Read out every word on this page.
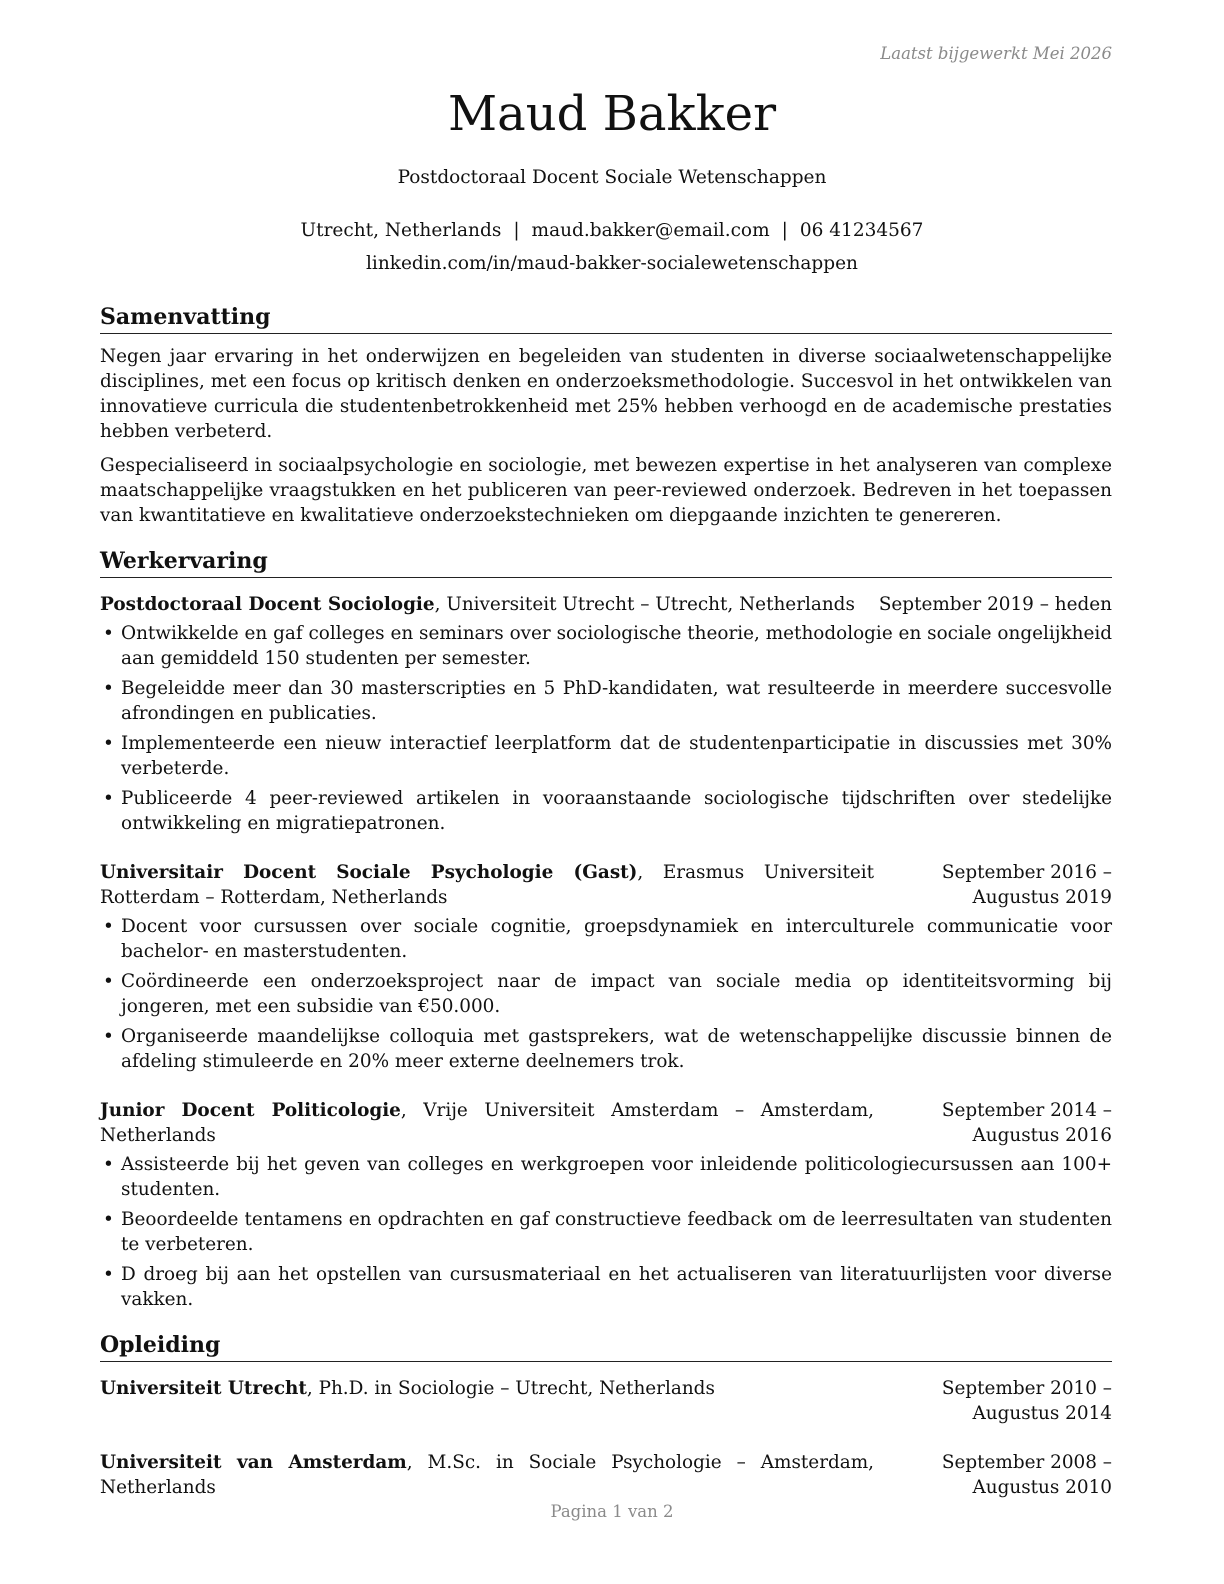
Laatst bijgewerkt Mei 2026
Maud Bakker
Postdoctoraal Docent Sociale Wetenschappen
Utrecht, Netherlands | maud.bakker@email.com | 06 41234567
linkedin.com/in/maud-bakker-socialewetenschappen
Samenvatting

Negen jaar ervaring in het onderwijzen en begeleiden van studenten in diverse sociaalwetenschappelijke disciplines, met een focus op kritisch denken en onderzoeksmethodologie. Succesvol in het ontwikkelen van innovatieve curricula die studentenbetrokkenheid met 25% hebben verhoogd en de academische prestaties hebben verbeterd.

Gespecialiseerd in sociaalpsychologie en sociologie, met bewezen expertise in het analyseren van complexe maatschappelijke vraagstukken en het publiceren van peer-reviewed onderzoek. Bedreven in het toepassen van kwantitatieve en kwalitatieve onderzoekstechnieken om diepgaande inzichten te genereren.

Werkervaring
Postdoctoraal Docent Sociologie, Universiteit Utrecht – Utrecht, Netherlands	September 2019 – heden
• Ontwikkelde en gaf colleges en seminars over sociologische theorie, methodologie en sociale ongelijkheid aan gemiddeld 150 studenten per semester.
• Begeleidde meer dan 30 masterscripties en 5 PhD-kandidaten, wat resulteerde in meerdere succesvolle afrondingen en publicaties.
• Implementeerde een nieuw interactief leerplatform dat de studentenparticipatie in discussies met 30% verbeterde.
• Publiceerde 4 peer-reviewed artikelen in vooraanstaande sociologische tijdschriften over stedelijke ontwikkeling en migratiepatronen.
Universitair Docent Sociale Psychologie (Gast), Erasmus Universiteit Rotterdam – Rotterdam, Netherlands
September 2016 – Augustus 2019
• Docent voor cursussen over sociale cognitie, groepsdynamiek en interculturele communicatie voor bachelor- en masterstudenten.
• Coördineerde een onderzoeksproject naar de impact van sociale media op identiteitsvorming bij jongeren, met een subsidie van €50.000.
• Organiseerde maandelijkse colloquia met gastsprekers, wat de wetenschappelijke discussie binnen de afdeling stimuleerde en 20% meer externe deelnemers trok.
Junior Docent Politicologie, Vrije Universiteit Amsterdam – Amsterdam, Netherlands
September 2014 – Augustus 2016
• Assisteerde bij het geven van colleges en werkgroepen voor inleidende politicologiecursussen aan 100+ studenten.
• Beoordeelde tentamens en opdrachten en gaf constructieve feedback om de leerresultaten van studenten te verbeteren.
• D droeg bij aan het opstellen van cursusmateriaal en het actualiseren van literatuurlijsten voor diverse vakken.
Opleiding
Universiteit Utrecht, Ph.D. in Sociologie – Utrecht, Netherlands	September 2010 – Augustus 2014
Universiteit van Amsterdam, M.Sc. in Sociale Psychologie – Amsterdam, Netherlands
September 2008 – Augustus 2010
Pagina 1 van 2
